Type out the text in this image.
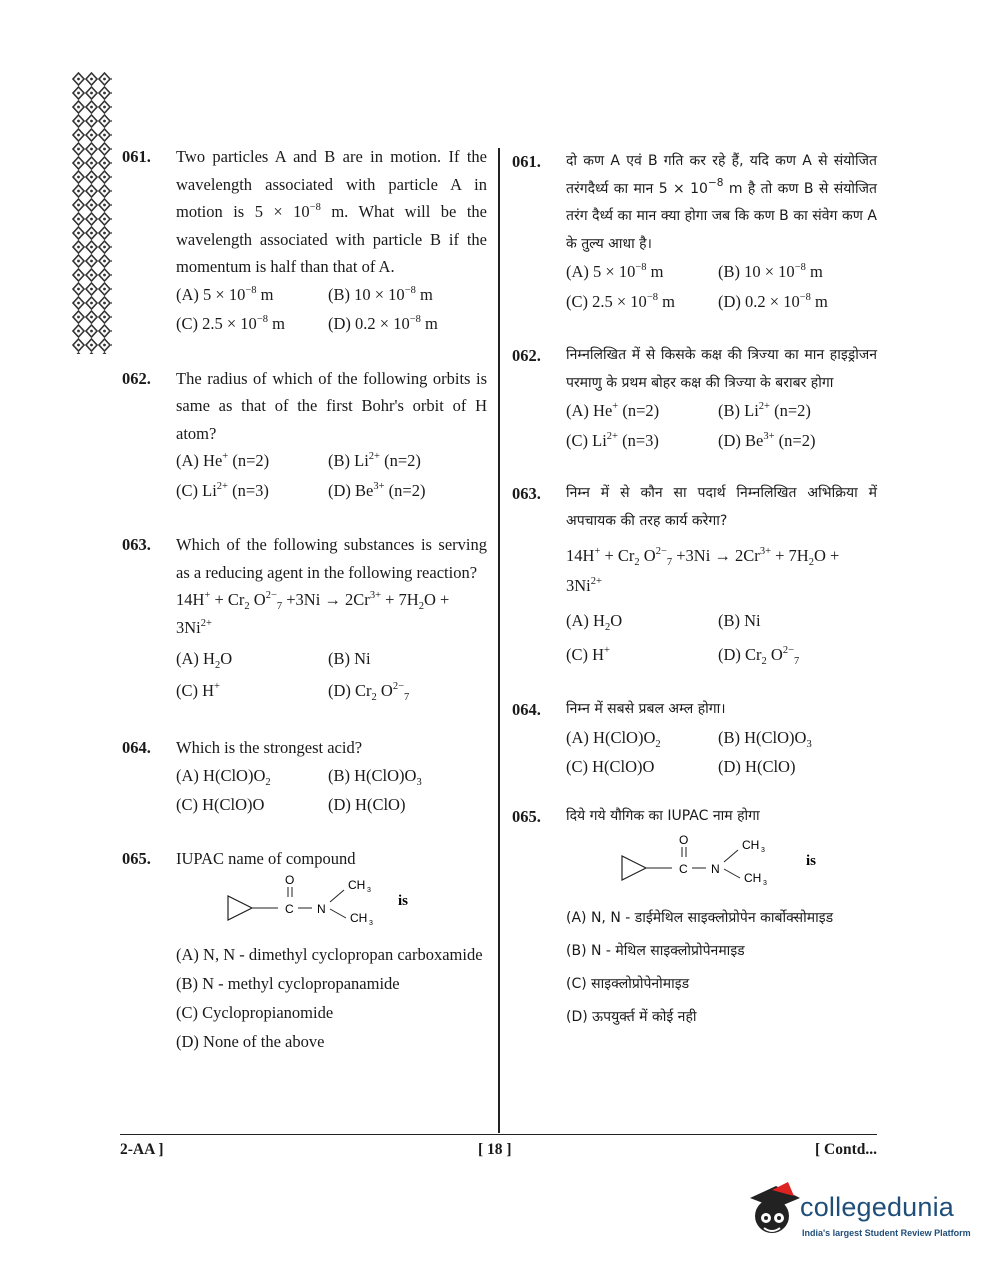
061. Two particles A and B are in motion. If the wavelength associated with particle A in motion is $5 \times 10^{-8}$ m. What will be the wavelength associated with particle B if the momentum is half than that of A.
(A) $5 \times 10^{-8}$ m	(B) $10 \times 10^{-8}$ m
(C) $2.5 \times 10^{-8}$ m	(D) $0.2 \times 10^{-8}$ m
062. The radius of which of the following orbits is same as that of the first Bohr's orbit of H atom?
(A) He+ (n=2)	(B) $Li^{2+}$ (n=2)
(C) $Li^{2+}$ (n=3)	(D) $Be^{3+}$ (n=2)
063. Which of the following substances is serving as a reducing agent in the following reaction?
$14H^+ + Cr_2$ $O^{2-}_7 +3Ni \to 2Cr^{3+} + 7H_2O$ +
$3Ni^{2+}$
(A) $H_2O$	(B) Ni
(C) H+	(D) $Cr_2$ $O^{2-}_7$
064. Which is the strongest acid?
(A) $H(ClO)O_2$	(B) $H(ClO)O_3$
(C) H(ClO)O	(D) H(ClO)
065. IUPAC name of compound
O
C N
CH 3
CH 3
is
(A) N, N - dimethyl cyclopropan carboxamide
(B) N - methyl cyclopropanamide
(C) Cyclopropianomide
(D) None of the above
061. दो कण A एवं B गति कर रहे हैं, यदि कण A से संयोजित तरंगदैर्ध्य का मान $5 \times 10^{-8}$ m है तो कण B से संयोजित तरंग दैर्ध्य का मान क्या होगा जब कि कण B का संवेग कण A के तुल्य आधा है।
(A) $5 \times 10^{-8}$ m	(B) $10 \times 10^{-8}$ m
(C) $2.5 \times 10^{-8}$ m	(D) $0.2 \times 10^{-8}$ m
062. निम्नलिखित में से किसके कक्ष की त्रिज्या का मान हाइड्रोजन परमाणु के प्रथम बोहर कक्ष की त्रिज्या के बराबर होगा
(A) He+ (n=2)	(B) $Li^{2+}$ (n=2)
(C) $Li^{2+}$ (n=3)	(D) $Be^{3+}$ (n=2)
063. निम्न में से कौन सा पदार्थ निम्नलिखित अभिक्रिया में अपचायक की तरह कार्य करेगा?
$14H^+ + Cr_2$ $O^{2-}_7 +3Ni \to 2Cr^{3+} + 7H_2O$ +
$3Ni^{2+}$
(A) $H_2O$	(B) Ni
(C) H+	(D) $Cr_2$ $O^{2-}_7$
064. निम्न में सबसे प्रबल अम्ल होगा।
(A) $H(ClO)O_2$	(B) $H(ClO)O_3$
(C) H(ClO)O	(D) H(ClO)
065. दिये गये यौगिक का IUPAC नाम होगा
O
C N
CH 3
CH 3
is
(A) N, N - डाईमेथिल साइक्लोप्रोपेन कार्बोक्सोमाइड
(B) N - मेथिल साइक्लोप्रोपेनमाइड
(C) साइक्लोप्रोपेनोमाइड
(D) ऊपयुर्क्त में कोई नही
2-AA ]	[ 18 ]	[ Contd...
collegedunia
India's largest Student Review Platform
